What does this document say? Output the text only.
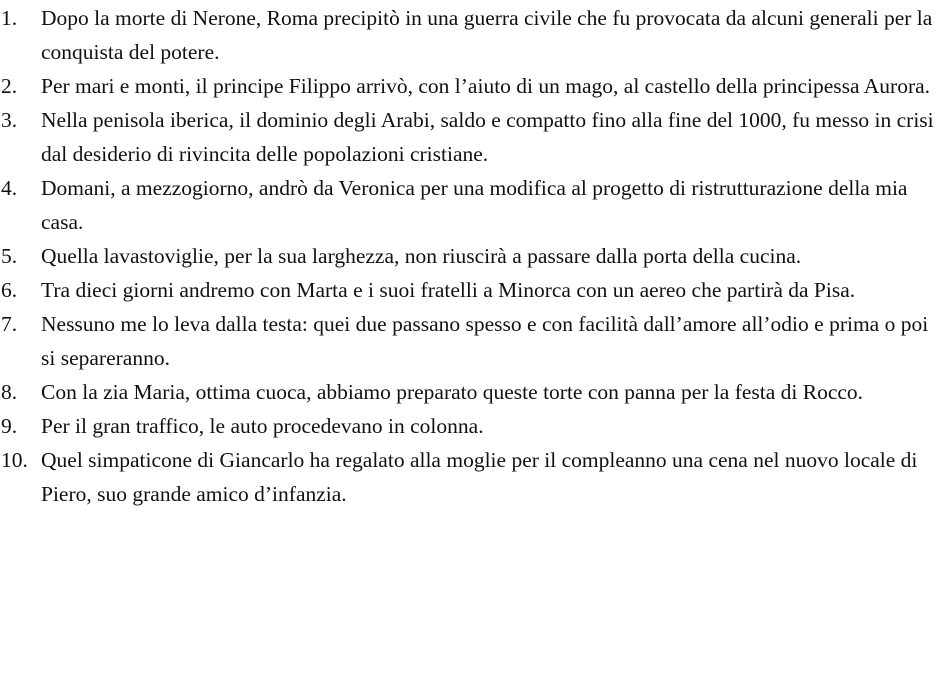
1. Dopo la morte di Nerone, Roma precipitò in una guerra civile che fu provocata da alcuni generali per la conquista del potere.
2. Per mari e monti, il principe Filippo arrivò, con l’aiuto di un mago, al castello della principessa Aurora.
3. Nella penisola iberica, il dominio degli Arabi, saldo e compatto fino alla fine del 1000, fu messo in crisi dal desiderio di rivincita delle popolazioni cristiane.
4. Domani, a mezzogiorno, andrò da Veronica per una modifica al progetto di ristrutturazione della mia casa.
5. Quella lavastoviglie, per la sua larghezza, non riuscirà a passare dalla porta della cucina.
6. Tra dieci giorni andremo con Marta e i suoi fratelli a Minorca con un aereo che partirà da Pisa.
7. Nessuno me lo leva dalla testa: quei due passano spesso e con facilità dall’amore all’odio e prima o poi si separeranno.
8. Con la zia Maria, ottima cuoca, abbiamo preparato queste torte con panna per la festa di Rocco.
9. Per il gran traffico, le auto procedevano in colonna.
10. Quel simpaticone di Giancarlo ha regalato alla moglie per il compleanno una cena nel nuovo locale di Piero, suo grande amico d’infanzia.
